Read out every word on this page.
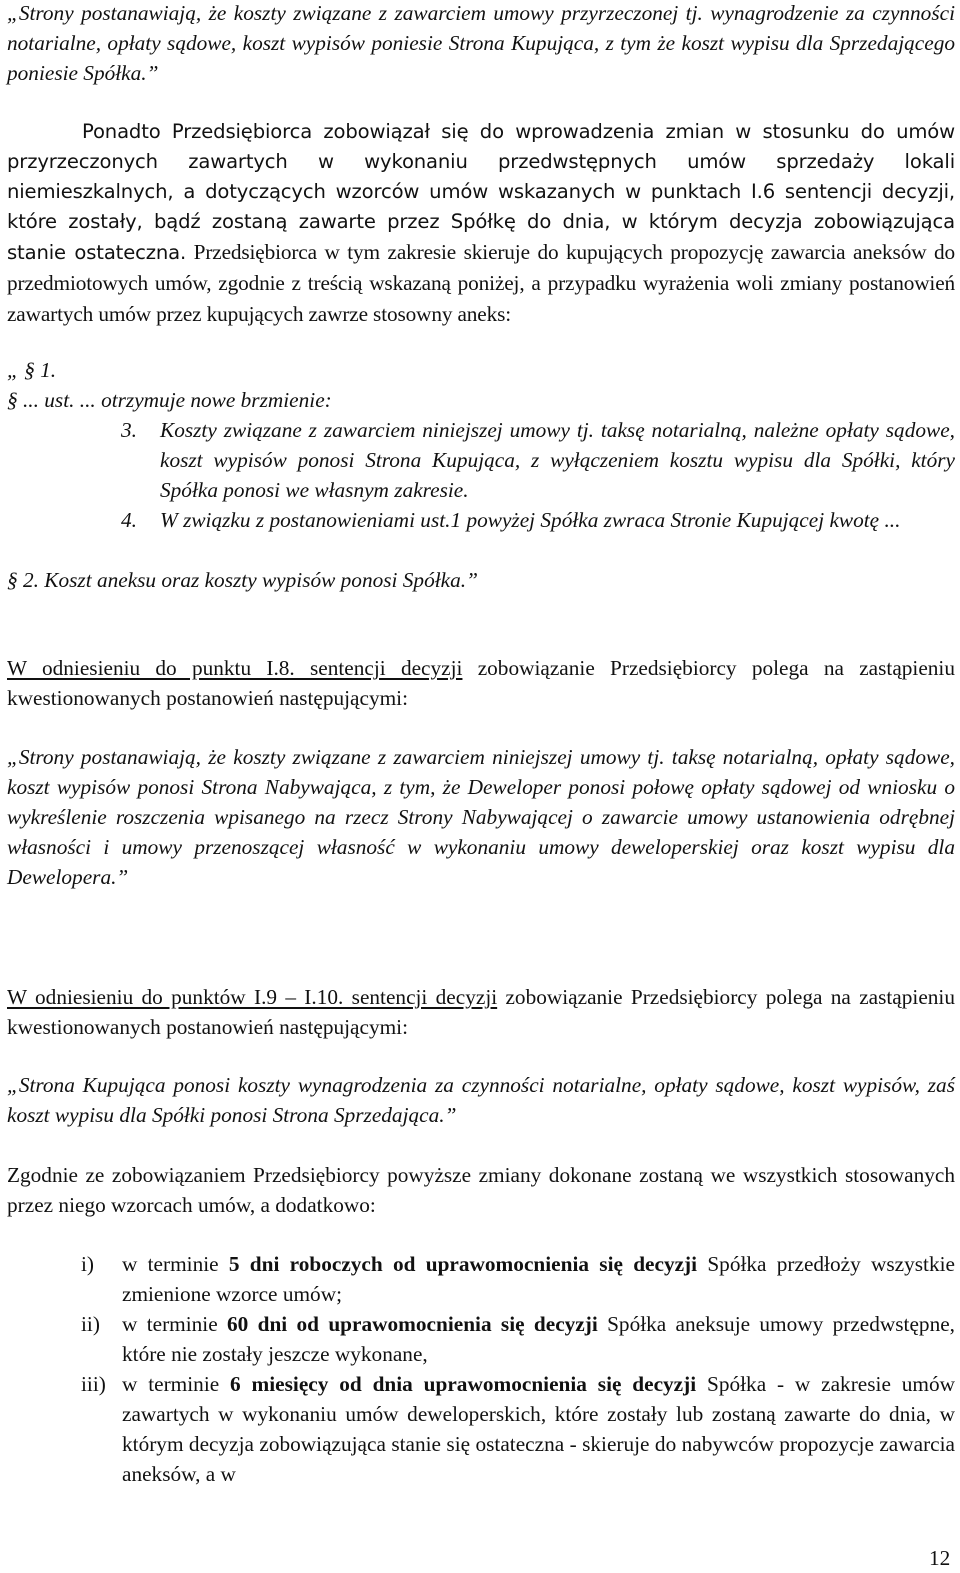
„Strony postanawiają, że koszty związane z zawarciem umowy przyrzeczonej tj. wynagrodzenie za czynności notarialne, opłaty sądowe, koszt wypisów poniesie Strona Kupująca, z tym że koszt wypisu dla Sprzedającego poniesie Spółka.”

Ponadto Przedsiębiorca zobowiązał się do wprowadzenia zmian w stosunku do umów przyrzeczonych zawartych w wykonaniu przedwstępnych umów sprzedaży lokali niemieszkalnych, a dotyczących wzorców umów wskazanych w punktach I.6 sentencji decyzji, które zostały, bądź zostaną zawarte przez Spółkę do dnia, w którym decyzja zobowiązująca stanie ostateczna. Przedsiębiorca w tym zakresie skieruje do kupujących propozycję zawarcia aneksów do przedmiotowych umów, zgodnie z treścią wskazaną poniżej, a przypadku wyrażenia woli zmiany postanowień zawartych umów przez kupujących zawrze stosowny aneks:

„ § 1.

§ ... ust. ... otrzymuje nowe brzmienie:

3. Koszty związane z zawarciem niniejszej umowy tj. taksę notarialną, należne opłaty sądowe, koszt wypisów ponosi Strona Kupująca, z wyłączeniem kosztu wypisu dla Spółki, który Spółka ponosi we własnym zakresie.
4. W związku z postanowieniami ust.1 powyżej Spółka zwraca Stronie Kupującej kwotę ...

§ 2. Koszt aneksu oraz koszty wypisów ponosi Spółka.”

W odniesieniu do punktu I.8. sentencji decyzji zobowiązanie Przedsiębiorcy polega na zastąpieniu kwestionowanych postanowień następującymi:

„Strony postanawiają, że koszty związane z zawarciem niniejszej umowy tj. taksę notarialną, opłaty sądowe, koszt wypisów ponosi Strona Nabywająca, z tym, że Deweloper ponosi połowę opłaty sądowej od wniosku o wykreślenie roszczenia wpisanego na rzecz Strony Nabywającej o zawarcie umowy ustanowienia odrębnej własności i umowy przenoszącej własność w wykonaniu umowy deweloperskiej oraz koszt wypisu dla Dewelopera.”

W odniesieniu do punktów I.9 – I.10. sentencji decyzji zobowiązanie Przedsiębiorcy polega na zastąpieniu kwestionowanych postanowień następującymi:

„Strona Kupująca ponosi koszty wynagrodzenia za czynności notarialne, opłaty sądowe, koszt wypisów, zaś koszt wypisu dla Spółki ponosi Strona Sprzedająca.”

Zgodnie ze zobowiązaniem Przedsiębiorcy powyższe zmiany dokonane zostaną we wszystkich stosowanych przez niego wzorcach umów, a dodatkowo:

i)	w terminie 5 dni roboczych od uprawomocnienia się decyzji Spółka przedłoży wszystkie zmienione wzorce umów;
ii)	w terminie 60 dni od uprawomocnienia się decyzji Spółka aneksuje umowy przedwstępne, które nie zostały jeszcze wykonane,
iii) w terminie 6 miesięcy od dnia uprawomocnienia się decyzji Spółka - w zakresie umów zawartych w wykonaniu umów deweloperskich, które zostały lub zostaną zawarte do dnia, w którym decyzja zobowiązująca stanie się ostateczna - skieruje do nabywców propozycje zawarcia aneksów, a w
12
